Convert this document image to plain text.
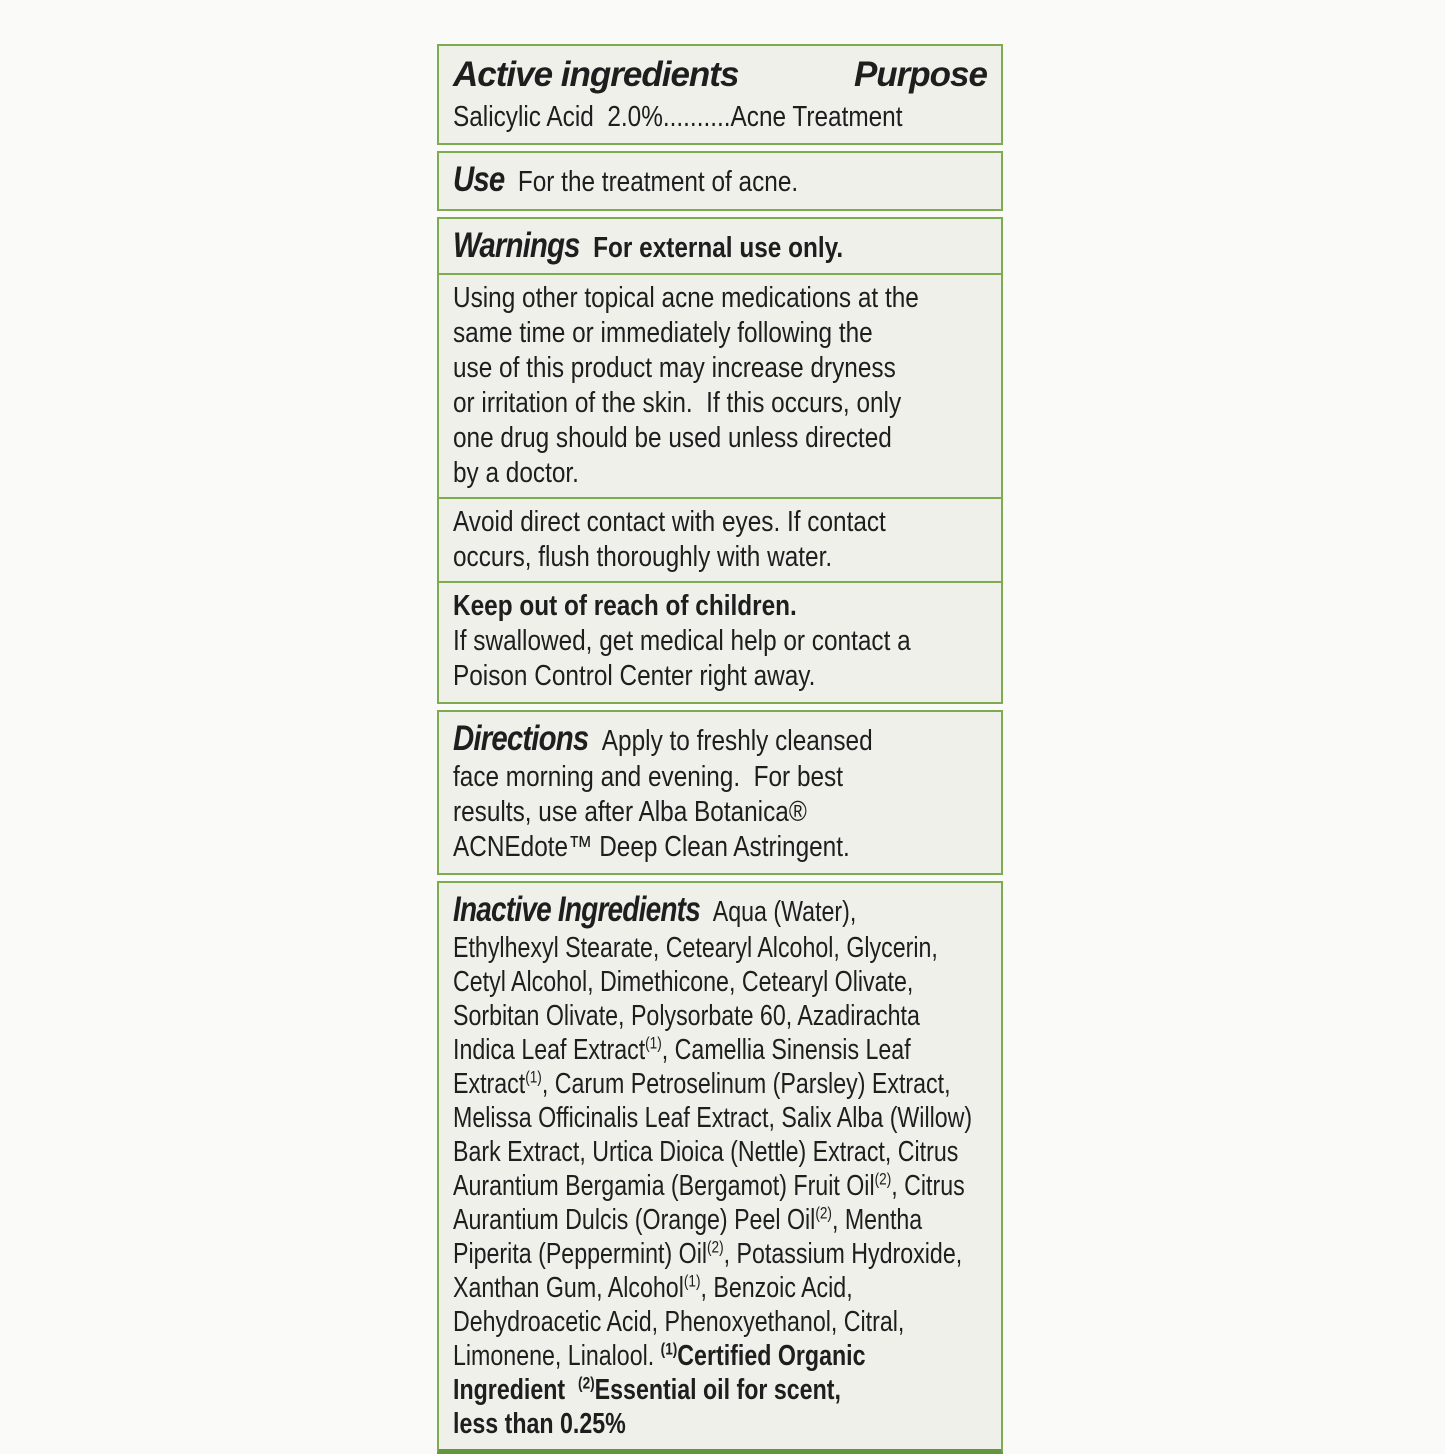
Active ingredients	Purpose
Salicylic Acid  2.0%..........Acne Treatment
Use For the treatment of acne.
Warnings For external use only.
Using other topical acne medications at the
same time or immediately following the
use of this product may increase dryness
or irritation of the skin.  If this occurs, only
one drug should be used unless directed
by a doctor.
Avoid direct contact with eyes. If contact
occurs, flush thoroughly with water.
Keep out of reach of children.
If swallowed, get medical help or contact a
Poison Control Center right away.
Directions Apply to freshly cleansed
face morning and evening.  For best
results, use after Alba Botanica®
ACNEdote™ Deep Clean Astringent.
Inactive Ingredients Aqua (Water),
Ethylhexyl Stearate, Cetearyl Alcohol, Glycerin,
Cetyl Alcohol, Dimethicone, Cetearyl Olivate,
Sorbitan Olivate, Polysorbate 60, Azadirachta
Indica Leaf Extract$^{(1)}$, Camellia Sinensis Leaf
Extract$^{(1)}$, Carum Petroselinum (Parsley) Extract,
Melissa Officinalis Leaf Extract, Salix Alba (Willow)
Bark Extract, Urtica Dioica (Nettle) Extract, Citrus
Aurantium Bergamia (Bergamot) Fruit Oil$^{(2)}$, Citrus
Aurantium Dulcis (Orange) Peel Oil$^{(2)}$, Mentha
Piperita (Peppermint) Oil$^{(2)}$, Potassium Hydroxide,
Xanthan Gum, Alcohol$^{(1)}$, Benzoic Acid,
Dehydroacetic Acid, Phenoxyethanol, Citral,
Limonene, Linalool. $^{(1)}$Certified Organic
Ingredient  $^{(2)}$Essential oil for scent,
less than 0.25%
